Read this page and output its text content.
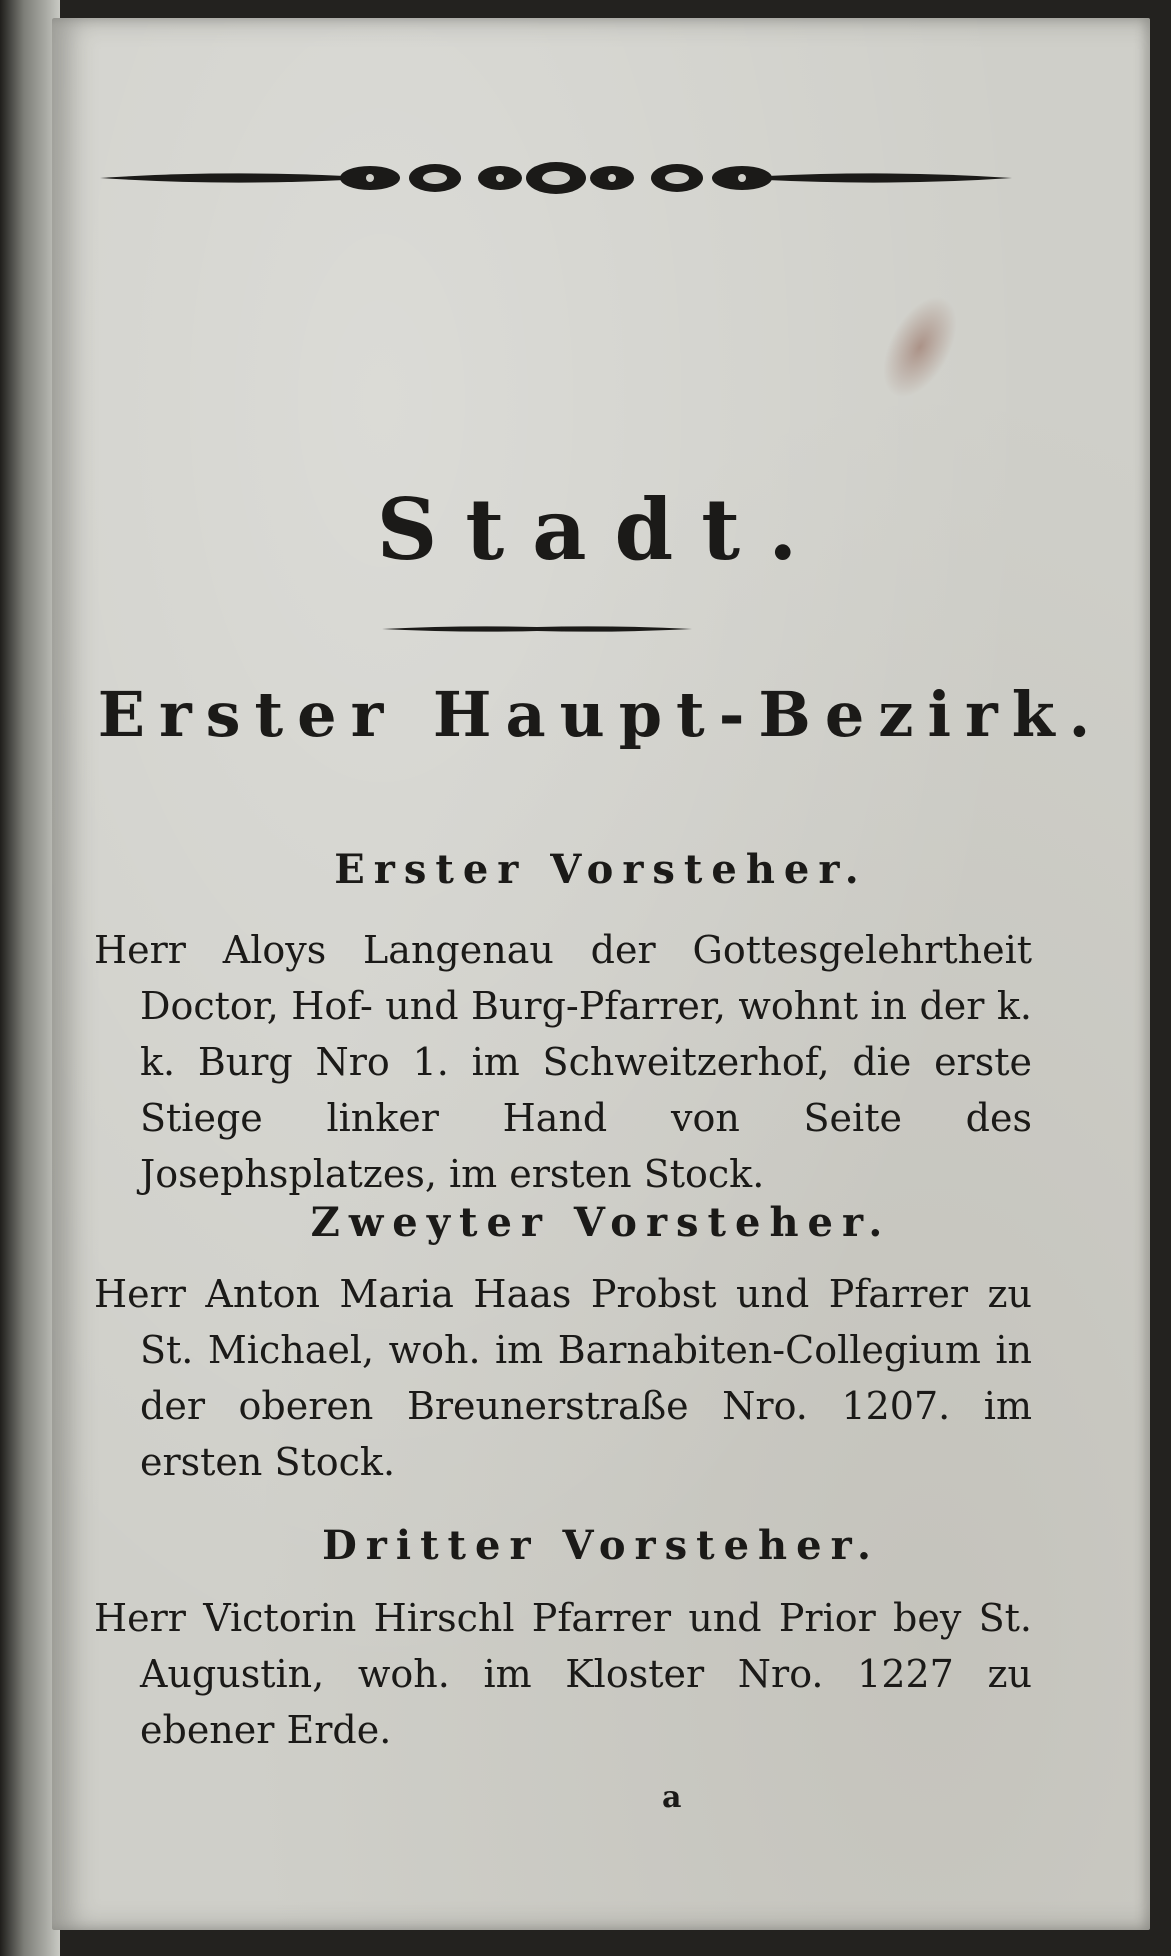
Stadt.
Erster Haupt-Bezirk.
Erster Vorsteher.
Herr Aloys Langenau der Gottesgelehrtheit Doctor, Hof- und Burg-Pfarrer, wohnt in der k. k. Burg Nro 1. im Schweitzerhof, die erste Stiege linker Hand von Seite des Josephsplatzes, im ersten Stock.
Zweyter Vorsteher.
Herr Anton Maria Haas Probst und Pfarrer zu St. Michael, woh. im Barnabiten-Collegium in der oberen Breunerstraße Nro. 1207. im ersten Stock.
Dritter Vorsteher.
Herr Victorin Hirschl Pfarrer und Prior bey St. Augustin, woh. im Kloster Nro. 1227 zu ebener Erde.
a
